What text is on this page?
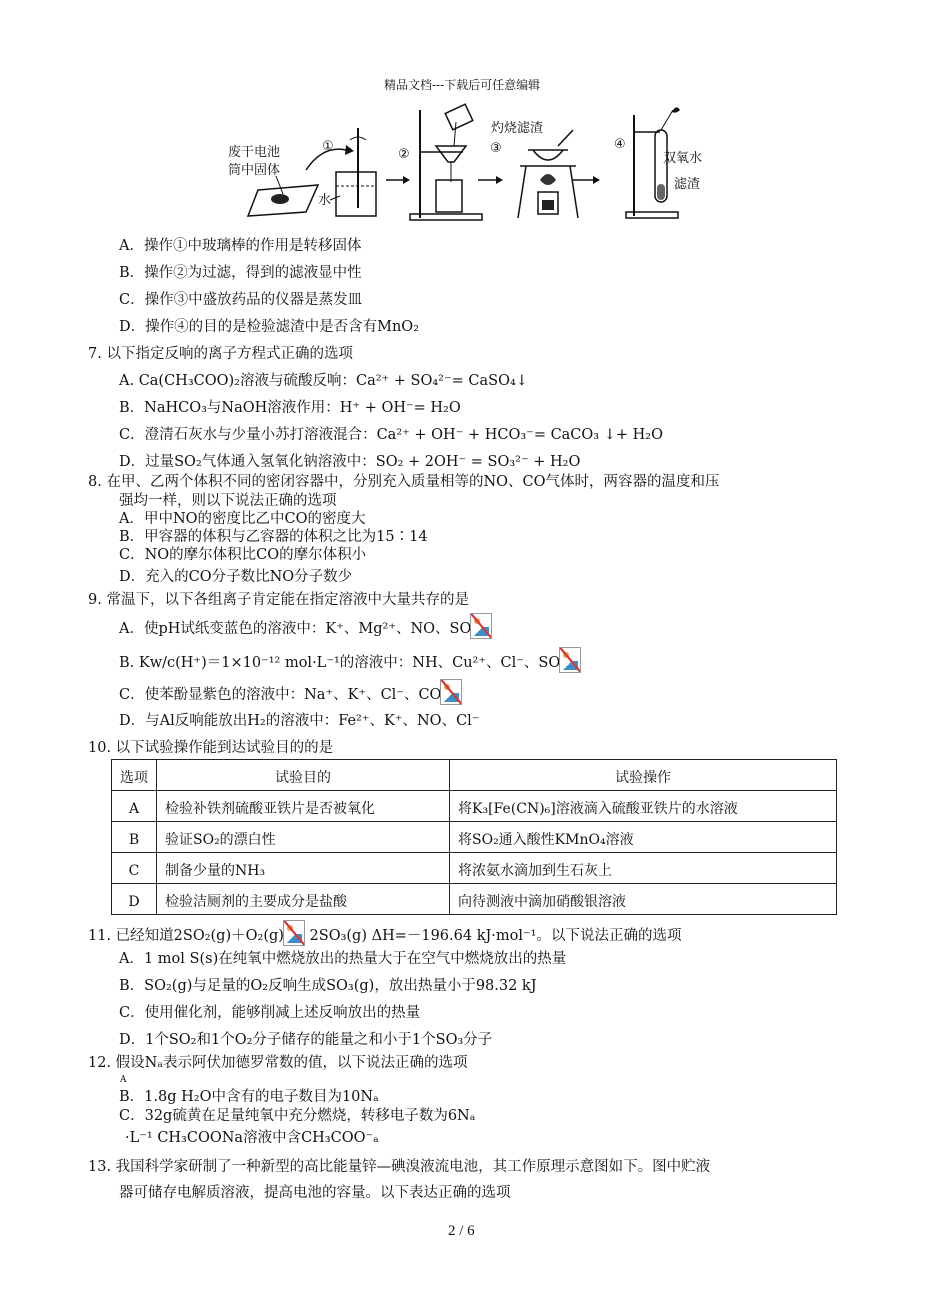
精品文档---下载后可任意编辑
废干电池
筒中固体
①
水
②	③
灼烧滤渣
④
双氧水
滤渣
A．操作①中玻璃棒的作用是转移固体
B．操作②为过滤，得到的滤液显中性
C．操作③中盛放药品的仪器是蒸发皿
D．操作④的目的是检验滤渣中是否含有MnO₂
7. 以下指定反响的离子方程式正确的选项
A. Ca(CH₃COO)₂溶液与硫酸反响：Ca²⁺ + SO₄²⁻= CaSO₄↓
B．NaHCO₃与NaOH溶液作用：H⁺ + OH⁻= H₂O
C．澄清石灰水与少量小苏打溶液混合：Ca²⁺ + OH⁻ + HCO₃⁻= CaCO₃ ↓+ H₂O
D．过量SO₂气体通入氢氧化钠溶液中：SO₂ + 2OH⁻ = SO₃²⁻ + H₂O
8. 在甲、乙两个体积不同的密闭容器中，分别充入质量相等的NO、CO气体时，两容器的温度和压
强均一样，则以下说法正确的选项
A．甲中NO的密度比乙中CO的密度大
B．甲容器的体积与乙容器的体积之比为15∶14
C．NO的摩尔体积比CO的摩尔体积小
D．充入的CO分子数比NO分子数少
9. 常温下，以下各组离子肯定能在指定溶液中大量共存的是
A．使pH试纸变蓝色的溶液中：K⁺、Mg²⁺、NO、SO
B. Kw/c(H⁺)＝1×10⁻¹² mol·L⁻¹的溶液中：NH、Cu²⁺、Cl⁻、SO
C．使苯酚显紫色的溶液中：Na⁺、K⁺、Cl⁻、CO
D．与Al反响能放出H₂的溶液中：Fe²⁺、K⁺、NO、Cl⁻
10. 以下试验操作能到达试验目的的是
选项	试验目的	试验操作

A	检验补铁剂硫酸亚铁片是否被氧化	将K₃[Fe(CN)₆]溶液滴入硫酸亚铁片的水溶液

B	验证SO₂的漂白性	将SO₂通入酸性KMnO₄溶液

C	制备少量的NH₃	将浓氨水滴加到生石灰上

D	检验洁厕剂的主要成分是盐酸	向待测液中滴加硝酸银溶液
11. 已经知道2SO₂(g)＋O₂(g) 2SO₃(g) ΔH=－196.64 kJ·mol⁻¹。以下说法正确的选项
A．1 mol S(s)在纯氧中燃烧放出的热量大于在空气中燃烧放出的热量
B．SO₂(g)与足量的O₂反响生成SO₃(g)，放出热量小于98.32 kJ
C．使用催化剂，能够削减上述反响放出的热量
D．1个SO₂和1个O₂分子储存的能量之和小于1个SO₃分子
12. 假设Nₐ表示阿伏加德罗常数的值，以下说法正确的选项
A
B．1.8g H₂O中含有的电子数目为10Nₐ
C．32g硫黄在足量纯氧中充分燃烧，转移电子数为6Nₐ
·L⁻¹ CH₃COONa溶液中含CH₃COO⁻ₐ
13. 我国科学家研制了一种新型的高比能量锌—碘溴液流电池，其工作原理示意图如下。图中贮液
器可储存电解质溶液，提高电池的容量。以下表达正确的选项
2 / 6
